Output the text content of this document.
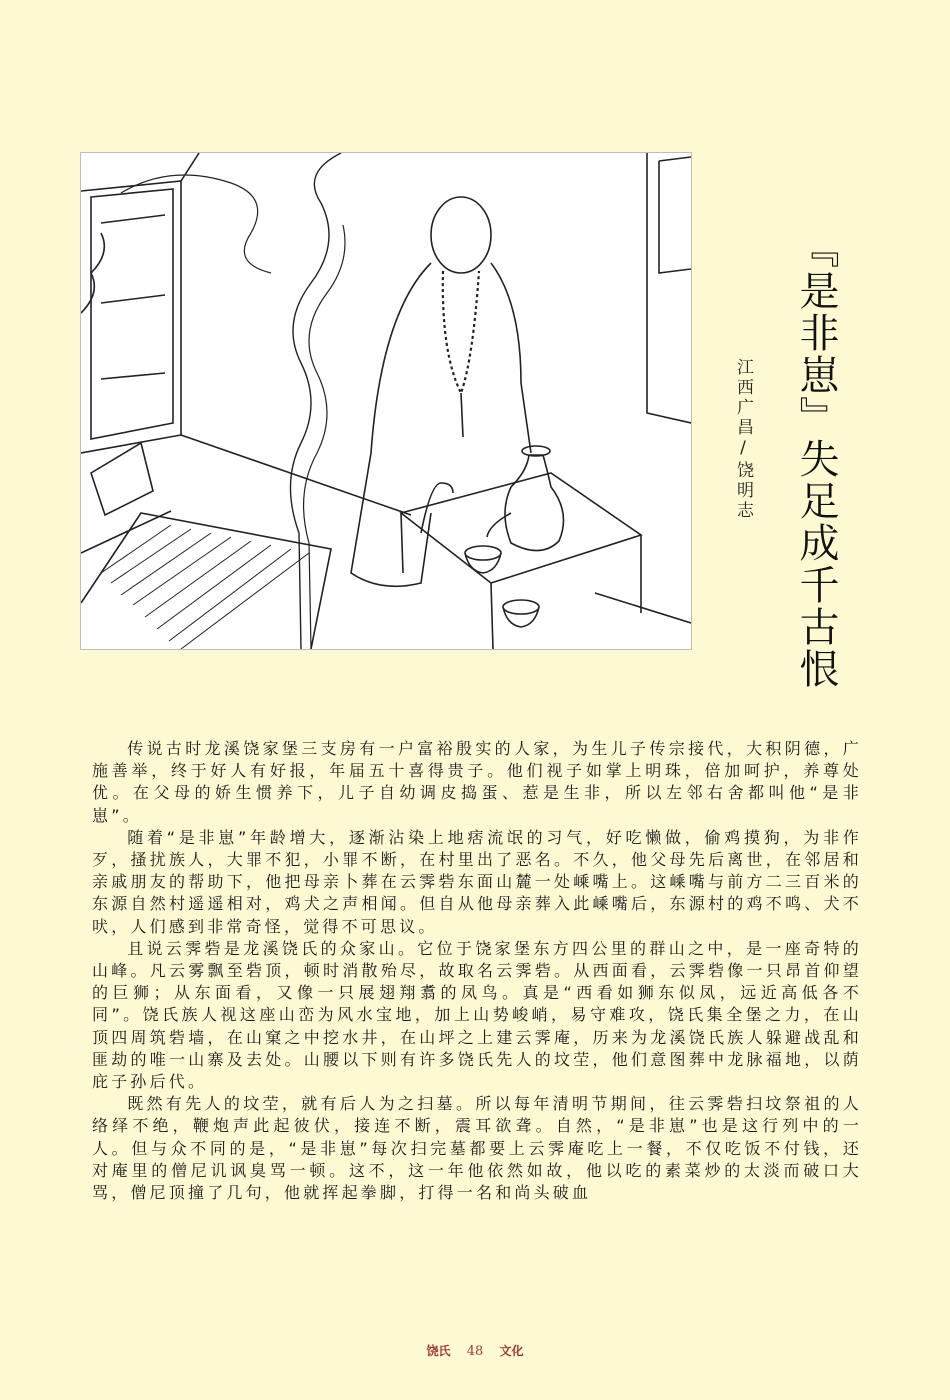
『是非崽』失足成千古恨
江西广昌/饶明志

传说古时龙溪饶家堡三支房有一户富裕殷实的人家，为生儿子传宗接代，大积阴德，广施善举，终于好人有好报，年届五十喜得贵子。他们视子如掌上明珠，倍加呵护，养尊处优。在父母的娇生惯养下，儿子自幼调皮捣蛋、惹是生非，所以左邻右舍都叫他“是非崽”。

随着“是非崽”年龄增大，逐渐沾染上地痞流氓的习气，好吃懒做，偷鸡摸狗，为非作歹，搔扰族人，大罪不犯，小罪不断，在村里出了恶名。不久，他父母先后离世，在邻居和亲戚朋友的帮助下，他把母亲卜葬在云霁砦东面山麓一处嵊嘴上。这嵊嘴与前方二三百米的东源自然村遥遥相对，鸡犬之声相闻。但自从他母亲葬入此嵊嘴后，东源村的鸡不鸣、犬不吠，人们感到非常奇怪，觉得不可思议。

且说云霁砦是龙溪饶氏的众家山。它位于饶家堡东方四公里的群山之中，是一座奇特的山峰。凡云雾飘至砦顶，顿时消散殆尽，故取名云霁砦。从西面看，云霁砦像一只昂首仰望的巨狮；从东面看，又像一只展翅翔翥的凤鸟。真是“西看如狮东似凤，远近高低各不同”。饶氏族人视这座山峦为风水宝地，加上山势峻峭，易守难攻，饶氏集全堡之力，在山顶四周筑砦墙，在山窠之中挖水井，在山坪之上建云霁庵，历来为龙溪饶氏族人躲避战乱和匪劫的唯一山寨及去处。山腰以下则有许多饶氏先人的坟茔，他们意图葬中龙脉福地，以荫庇子孙后代。

既然有先人的坟茔，就有后人为之扫墓。所以每年清明节期间，往云霁砦扫坟祭祖的人络绎不绝，鞭炮声此起彼伏，接连不断，震耳欲聋。自然，“是非崽”也是这行列中的一人。但与众不同的是，“是非崽”每次扫完墓都要上云霁庵吃上一餐，不仅吃饭不付钱，还对庵里的僧尼讥讽臭骂一顿。这不，这一年他依然如故，他以吃的素菜炒的太淡而破口大骂，僧尼顶撞了几句，他就挥起拳脚，打得一名和尚头破血

饶氏 48 文化
